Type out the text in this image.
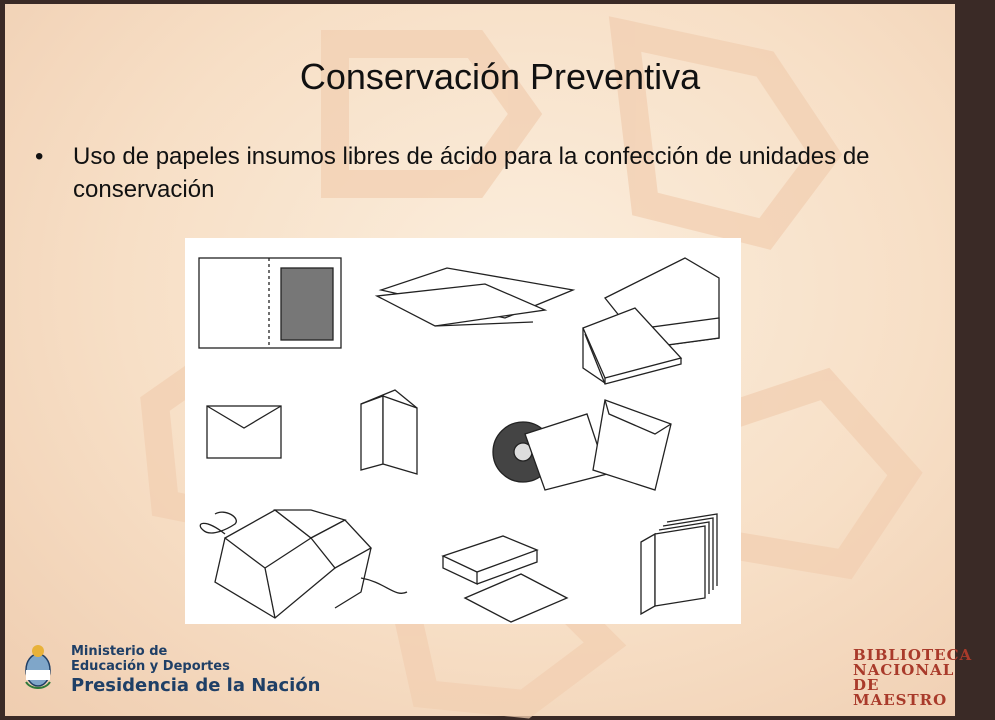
Conservación Preventiva
• Uso de papeles insumos libres de ácido para la confección de unidades de conservación
Ministerio de
Educación y Deportes
Presidencia de la Nación
BIBLIOTECA
NACIONAL
DE MAESTRO
